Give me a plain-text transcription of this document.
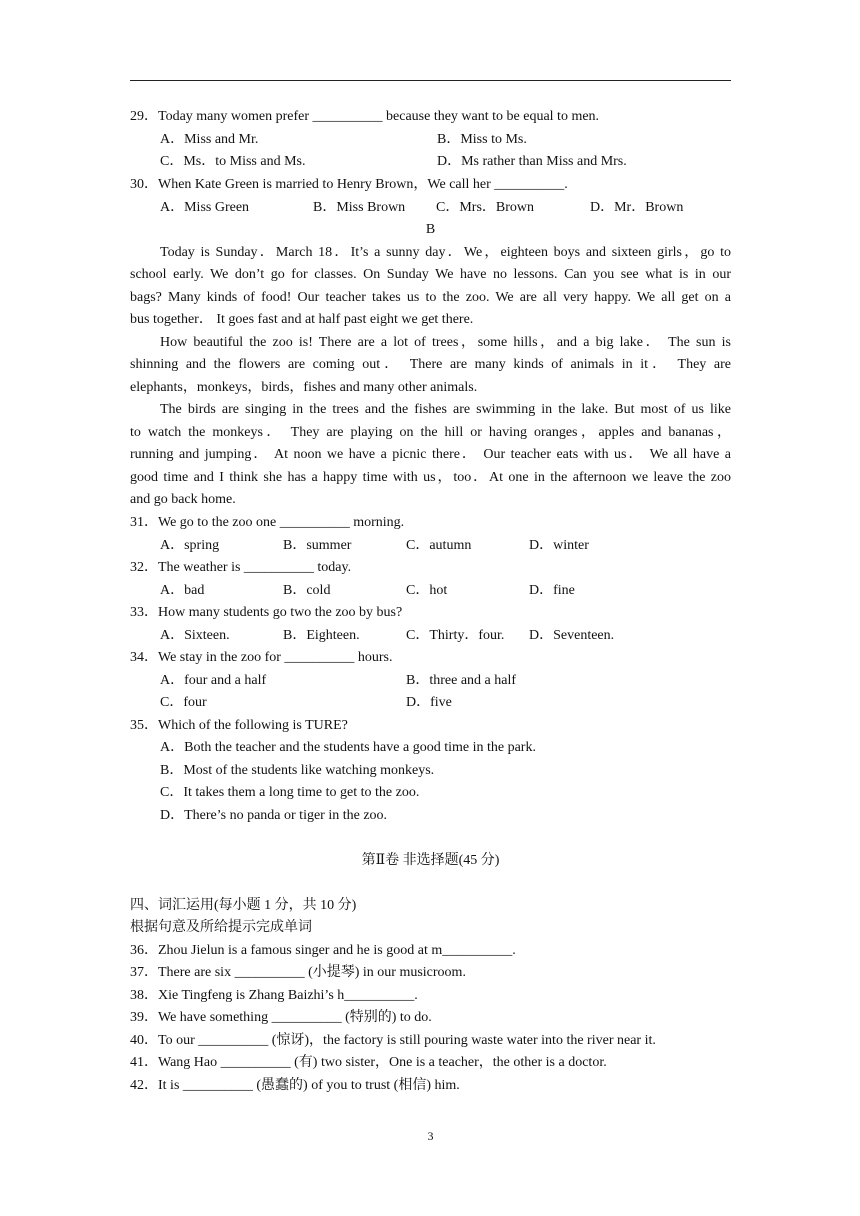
29．Today many women prefer __________ because they want to be equal to men.
A．Miss and Mr.	B．Miss to Ms.
C．Ms．to Miss and Ms.	D．Ms rather than Miss and Mrs.
30．When Kate Green is married to Henry Brown，We call her __________.
A．Miss Green	B．Miss Brown C．Mrs．Brown	D．Mr．Brown
B
Today is Sunday．March 18．It’s a sunny day．We，eighteen boys and sixteen girls，go to
school early. We don’t go for classes. On Sunday We have no lessons. Can you see what is in our
bags? Many kinds of food! Our teacher takes us to the zoo. We are all very happy. We all get on a
bus together． It goes fast and at half past eight we get there.
How beautiful the zoo is! There are a lot of trees，some hills，and a big lake． The sun is
shinning and the flowers are coming out． There are many kinds of animals in it． They are
elephants，monkeys，birds，fishes and many other animals.
The birds are singing in the trees and the fishes are swimming in the lake. But most of us like
to watch the monkeys． They are playing on the hill or having oranges，apples and bananas，
running and jumping． At noon we have a picnic there． Our teacher eats with us． We all have a
good time and I think she has a happy time with us，too．At one in the afternoon we leave the zoo
and go back home.
31．We go to the zoo one __________ morning.
A．spring	B．summer	C．autumn	D．winter
32．The weather is __________ today.
A．bad	B．cold	C．hot	D．fine
33．How many students go two the zoo by bus?
A．Sixteen.	B．Eighteen.	C．Thirty．four. D．Seventeen.
34．We stay in the zoo for __________ hours.
A．four and a half	B．three and a half
C．four	D．five
35．Which of the following is TURE?
A．Both the teacher and the students have a good time in the park.
B．Most of the students like watching monkeys.
C．It takes them a long time to get to the zoo.
D．There’s no panda or tiger in the zoo.
第Ⅱ卷 非选择题(45 分)
四、词汇运用(每小题 1 分，共 10 分)
根据句意及所给提示完成单词
36．Zhou Jielun is a famous singer and he is good at m__________.
37．There are six __________ (小提琴) in our musicroom.
38．Xie Tingfeng is Zhang Baizhi’s h__________.
39．We have something __________ (特别的) to do.
40．To our __________ (惊讶)，the factory is still pouring waste water into the river near it.
41．Wang Hao __________ (有) two sister，One is a teacher，the other is a doctor.
42．It is __________ (愚蠢的) of you to trust (相信) him.
3
